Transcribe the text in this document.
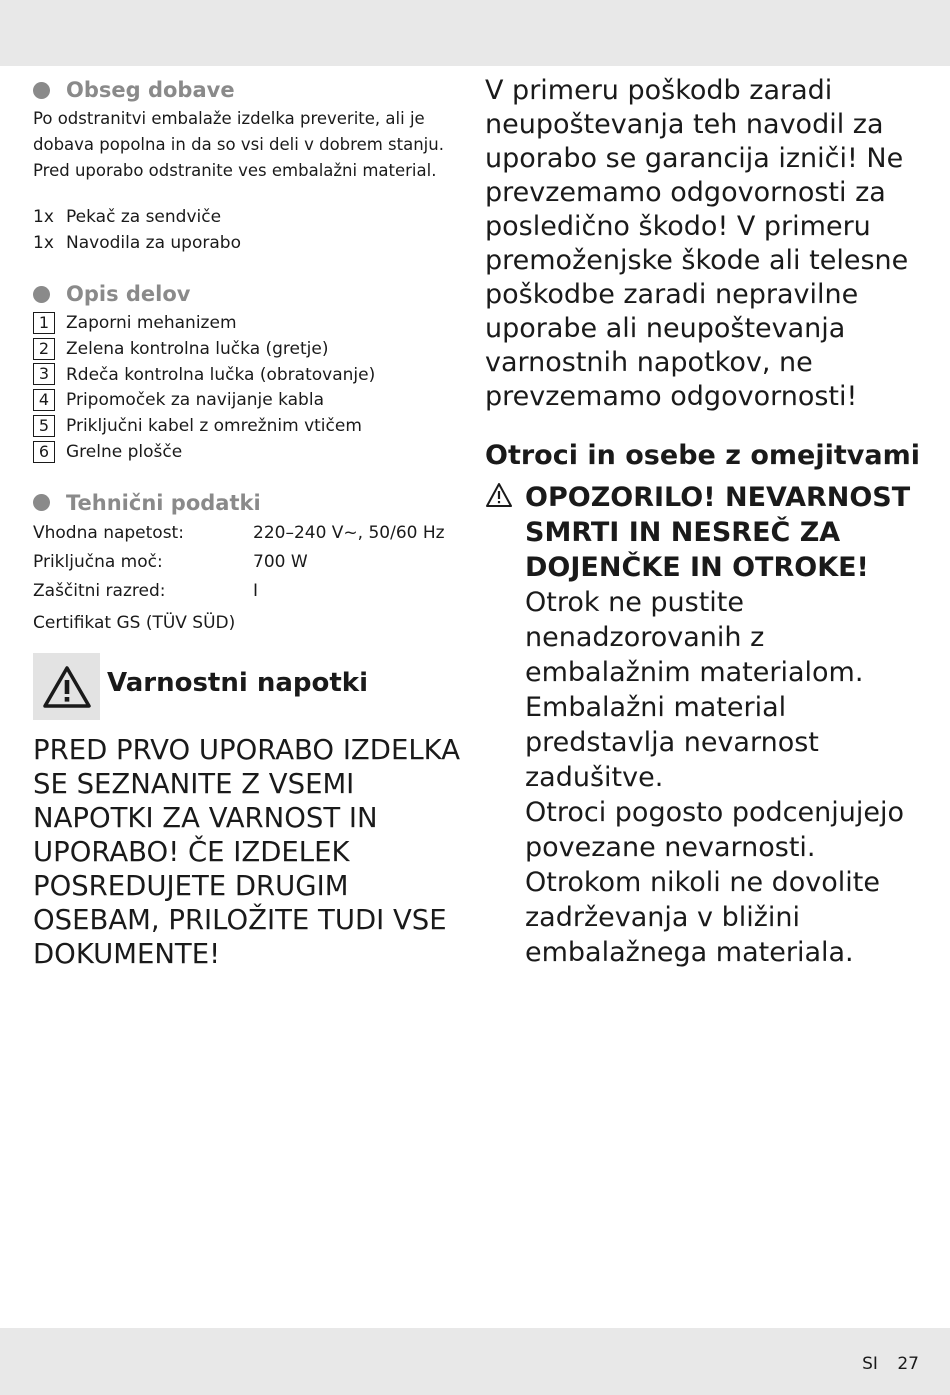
Obseg dobave

Po odstranitvi embalaže izdelka preverite, ali je dobava popolna in da so vsi deli v dobrem stanju. Pred uporabo odstranite ves embalažni material.

1x Pekač za sendviče
1x Navodila za uporabo
Opis delov
1 Zaporni mehanizem
2 Zelena kontrolna lučka (gretje)
3 Rdeča kontrolna lučka (obratovanje)
4 Pripomoček za navijanje kabla
5 Priključni kabel z omrežnim vtičem
6 Grelne plošče
Tehnični podatki
Vhodna napetost:	220–240 V~, 50/60 Hz
Priključna moč:	700 W
Zaščitni razred:	I
Certifikat GS (TÜV SÜD)
Varnostni napotki
PRED PRVO UPORABO IZDELKA SE SEZNANITE Z VSEMI NAPOTKI ZA VARNOST IN UPORABO! ČE IZDELEK POSREDUJETE DRUGIM OSEBAM, PRILOŽITE TUDI VSE DOKUMENTE!

V primeru poškodb zaradi neupoštevanja teh navodil za uporabo se garancija izniči! Ne prevzemamo odgovornosti za posledično škodo! V primeru premoženjske škode ali telesne poškodbe zaradi nepravilne uporabe ali neupoštevanja varnostnih napotkov, ne prevzemamo odgovornosti!

Otroci in osebe z omejitvami

OPOZORILO! NEVARNOST SMRTI IN NESREČ ZA DOJENČKE IN OTROKE!

Otrok ne pustite nenadzorovanih z embalažnim materialom. Embalažni material predstavlja nevarnost zadušitve.

Otroci pogosto podcenjujejo povezane nevarnosti. Otrokom nikoli ne dovolite zadrževanja v bližini embalažnega materiala.

SI 27
